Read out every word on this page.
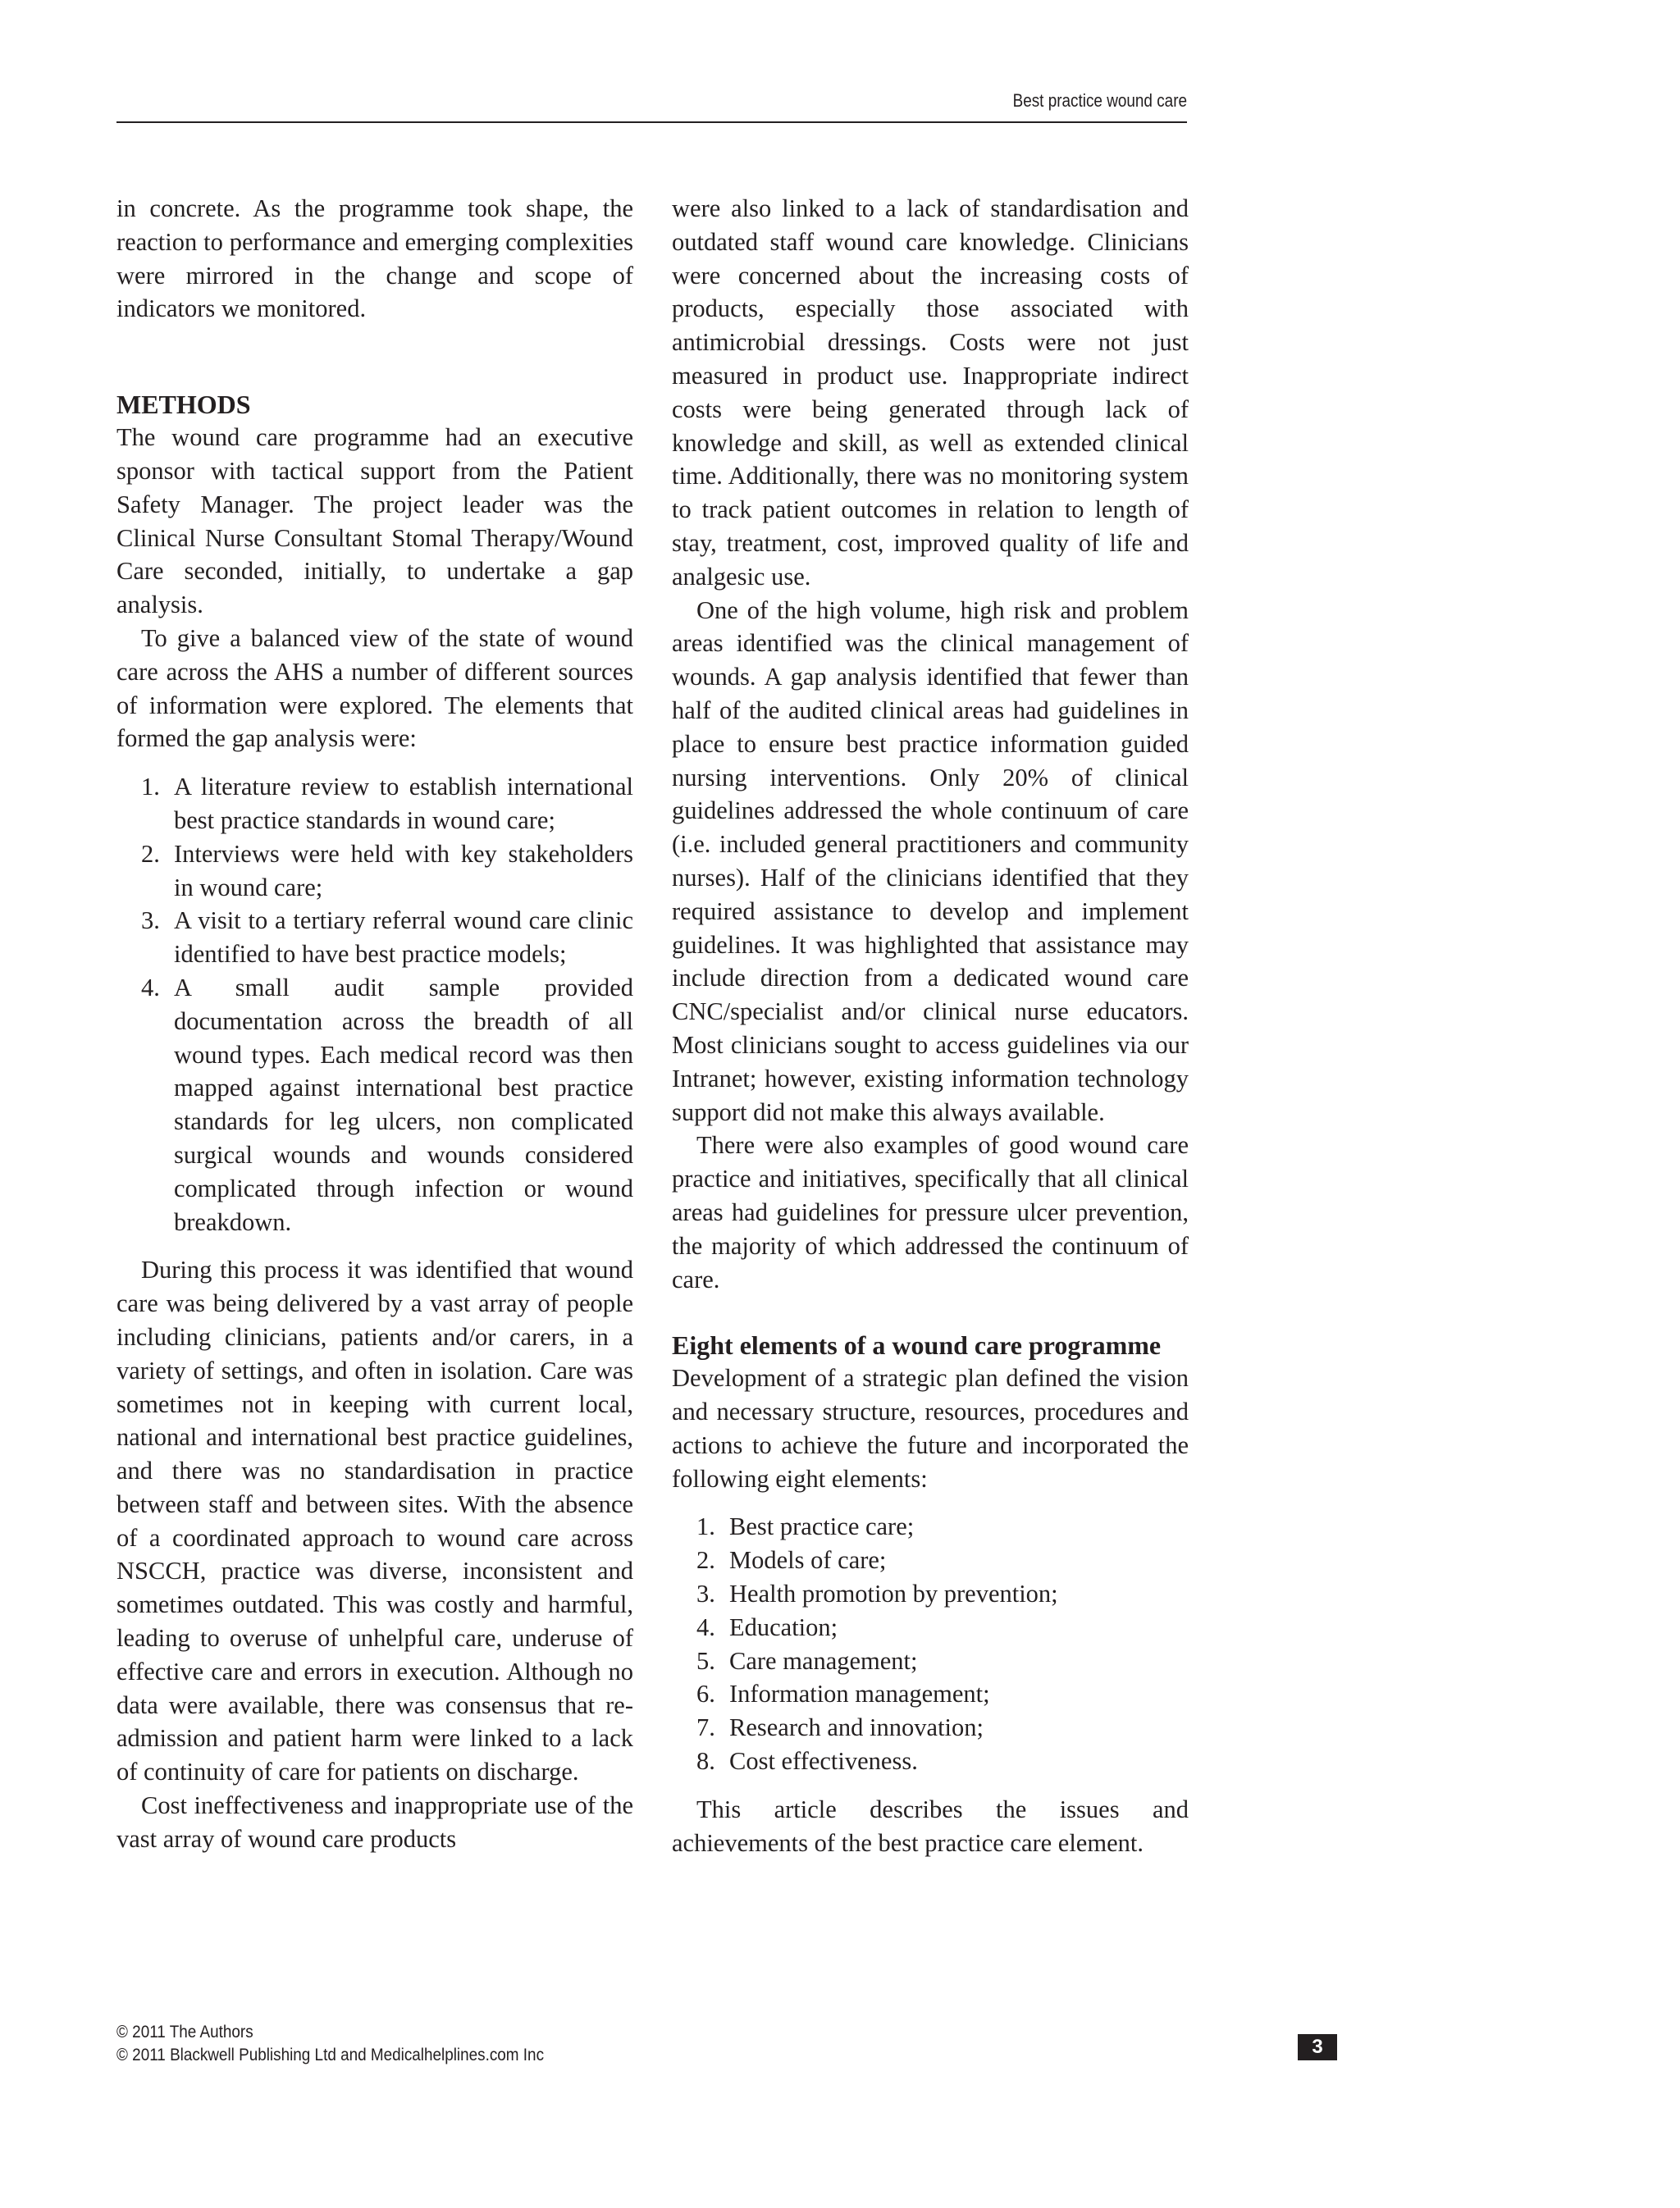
Best practice wound care

in concrete. As the programme took shape, the reaction to performance and emerging complexities were mirrored in the change and scope of indicators we monitored.

METHODS

The wound care programme had an executive sponsor with tactical support from the Patient Safety Manager. The project leader was the Clinical Nurse Consultant Stomal Therapy/Wound Care seconded, initially, to undertake a gap analysis.

To give a balanced view of the state of wound care across the AHS a number of different sources of information were explored. The elements that formed the gap analysis were:

1. A literature review to establish international best practice standards in wound care;
2. Interviews were held with key stakeholders in wound care;
3. A visit to a tertiary referral wound care clinic identified to have best practice models;
4. A small audit sample provided documentation across the breadth of all wound types. Each medical record was then mapped against international best practice standards for leg ulcers, non complicated surgical wounds and wounds considered complicated through infection or wound breakdown.

During this process it was identified that wound care was being delivered by a vast array of people including clinicians, patients and/or carers, in a variety of settings, and often in isolation. Care was sometimes not in keeping with current local, national and international best practice guidelines, and there was no standardisation in practice between staff and between sites. With the absence of a coordinated approach to wound care across NSCCH, practice was diverse, inconsistent and sometimes outdated. This was costly and harmful, leading to overuse of unhelpful care, underuse of effective care and errors in execution. Although no data were available, there was consensus that re-admission and patient harm were linked to a lack of continuity of care for patients on discharge.

Cost ineffectiveness and inappropriate use of the vast array of wound care products

were also linked to a lack of standardisation and outdated staff wound care knowledge. Clinicians were concerned about the increasing costs of products, especially those associated with antimicrobial dressings. Costs were not just measured in product use. Inappropriate indirect costs were being generated through lack of knowledge and skill, as well as extended clinical time. Additionally, there was no monitoring system to track patient outcomes in relation to length of stay, treatment, cost, improved quality of life and analgesic use.

One of the high volume, high risk and problem areas identified was the clinical management of wounds. A gap analysis identified that fewer than half of the audited clinical areas had guidelines in place to ensure best practice information guided nursing interventions. Only 20% of clinical guidelines addressed the whole continuum of care (i.e. included general practitioners and community nurses). Half of the clinicians identified that they required assistance to develop and implement guidelines. It was highlighted that assistance may include direction from a dedicated wound care CNC/specialist and/or clinical nurse educators. Most clinicians sought to access guidelines via our Intranet; however, existing information technology support did not make this always available.

There were also examples of good wound care practice and initiatives, specifically that all clinical areas had guidelines for pressure ulcer prevention, the majority of which addressed the continuum of care.

Eight elements of a wound care programme

Development of a strategic plan defined the vision and necessary structure, resources, procedures and actions to achieve the future and incorporated the following eight elements:

1. Best practice care;
2. Models of care;
3. Health promotion by prevention;
4. Education;
5. Care management;
6. Information management;
7. Research and innovation;
8. Cost effectiveness.

This article describes the issues and achievements of the best practice care element.

© 2011 The Authors
© 2011 Blackwell Publishing Ltd and Medicalhelplines.com Inc	3
